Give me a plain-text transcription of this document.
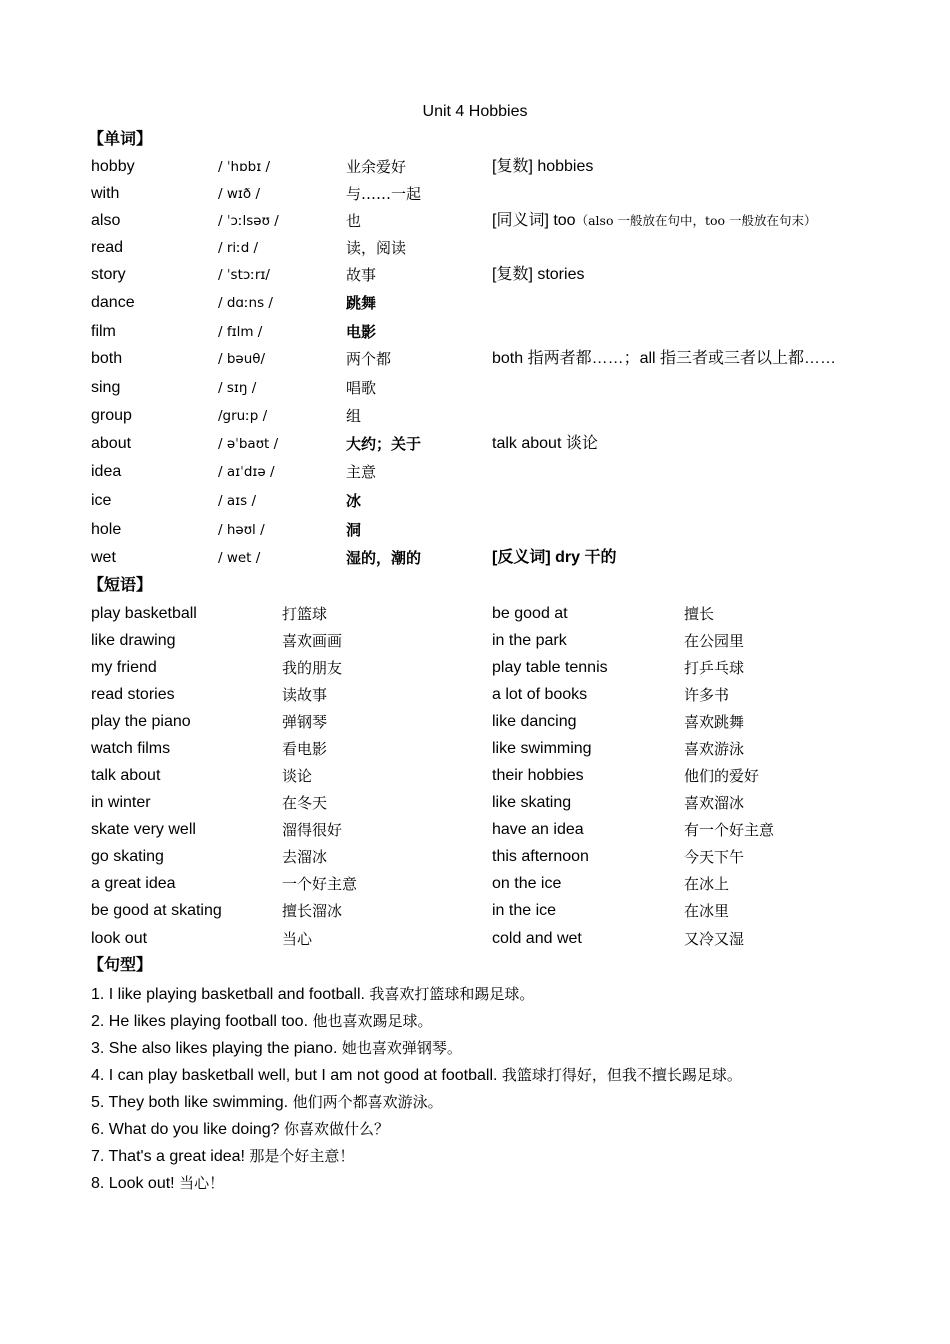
Unit 4 Hobbies
【单词】
hobby	/ ˈhɒbɪ /	业余爱好	[复数] hobbies
with	/ wɪð /	与……一起
also	/ ˈɔːlsəʊ /	也	[同义词] too（also 一般放在句中，too 一般放在句末）
read	/ riːd /	读，阅读
story	/ ˈstɔːrɪ/	故事	[复数] stories
dance	/ dɑːns /	跳舞
film	/ fɪlm /	电影
both	/ bəuθ/	两个都	both 指两者都……；all 指三者或三者以上都……
sing	/ sɪŋ /	唱歌
group	/gruːp /	组
about	/ əˈbaʊt /	大约；关于	talk about 谈论
idea	/ aɪˈdɪə /	主意
ice	/ aɪs /	冰
hole	/ həʊl /	洞
wet	/ wet /	湿的，潮的	[反义词] dry 干的
【短语】
play basketball	打篮球	be good at	擅长
like drawing	喜欢画画	in the park	在公园里
my friend	我的朋友	play table tennis	打乒乓球
read stories	读故事	a lot of books	许多书
play the piano	弹钢琴	like dancing	喜欢跳舞
watch films	看电影	like swimming	喜欢游泳
talk about	谈论	their hobbies	他们的爱好
in winter	在冬天	like skating	喜欢溜冰
skate very well	溜得很好	have an idea	有一个好主意
go skating	去溜冰	this afternoon	今天下午
a great idea	一个好主意	on the ice	在冰上
be good at skating	擅长溜冰	in the ice	在冰里
look out	当心	cold and wet	又冷又湿
【句型】
1. I like playing basketball and football. 我喜欢打篮球和踢足球。
2. He likes playing football too. 他也喜欢踢足球。
3. She also likes playing the piano. 她也喜欢弹钢琴。
4. I can play basketball well, but I am not good at football. 我篮球打得好，但我不擅长踢足球。
5. They both like swimming. 他们两个都喜欢游泳。
6. What do you like doing? 你喜欢做什么？
7. That's a great idea! 那是个好主意！
8. Look out! 当心！
